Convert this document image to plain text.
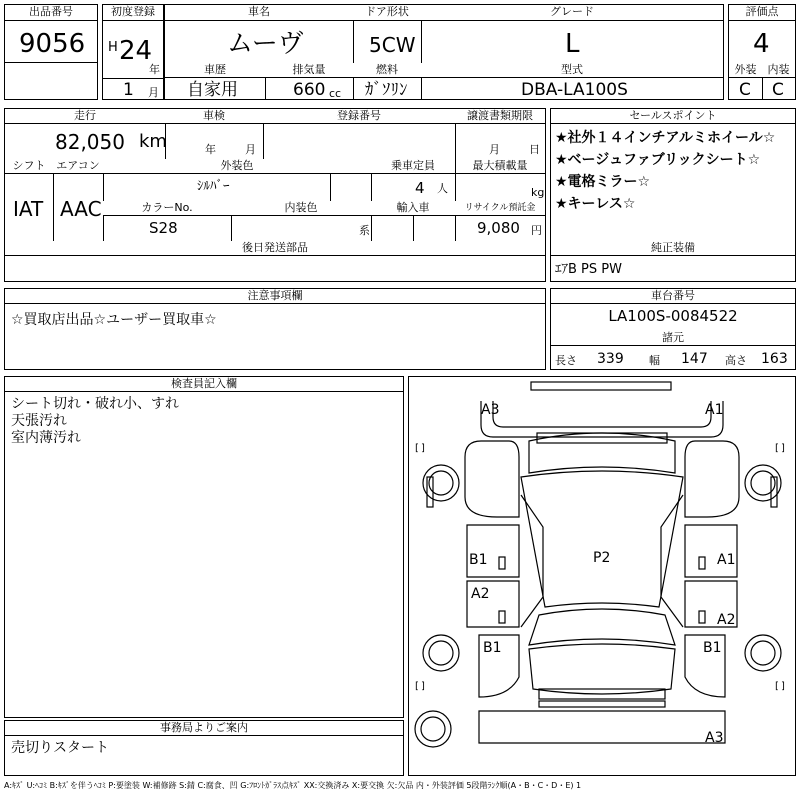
出品番号
9056
初度登録
H 24
年
1 月
車名	ドア形状	グレード
ムーヴ	5CW	L
車歴	排気量	燃料	型式
自家用	660 cc ｶﾞｿﾘﾝ	DBA-LA100S
評価点
4
外装	内装
C C
走行	車検	登録番号	譲渡書類期限
82,050 km	年	月	月	日
シフト エアコン	外装色	乗車定員	最大積載量
ｼﾙﾊﾞｰ	4 人	kg
IAT AAC	カラーNo.	内装色	輸入車	リサイクル預託金
S28	系	9,080 円
後日発送部品
セールスポイント
★社外１４インチアルミホイール☆
★ベージュファブリックシート☆
★電格ミラー☆
★キーレス☆
純正装備
ｴｱB PS PW
注意事項欄
☆買取店出品☆ユーザー買取車☆
車台番号
LA100S-0084522
諸元
長さ 339 幅 147 高さ 163
検査員記入欄
シート切れ・破れ小、すれ
天張汚れ
室内薄汚れ
事務局よりご案内
売切りスタート
[ ]	[ ]
[ ]	[ ]
A3	A1
B1	A1
P2
A2
A2
B1	B1
A3
A:ｷｽﾞ U:ﾍｺﾐ B:ｷｽﾞを伴うﾍｺﾐ P:要塗装 W:補修跡 S:錆 C:腐食、凹 G:ﾌﾛﾝﾄｶﾞﾗｽ点ｷｽﾞ XX:交換済み X:要交換 欠:欠品 内・外装評価 5段階ﾗﾝｸ順(A・B・C・D・E) 1
